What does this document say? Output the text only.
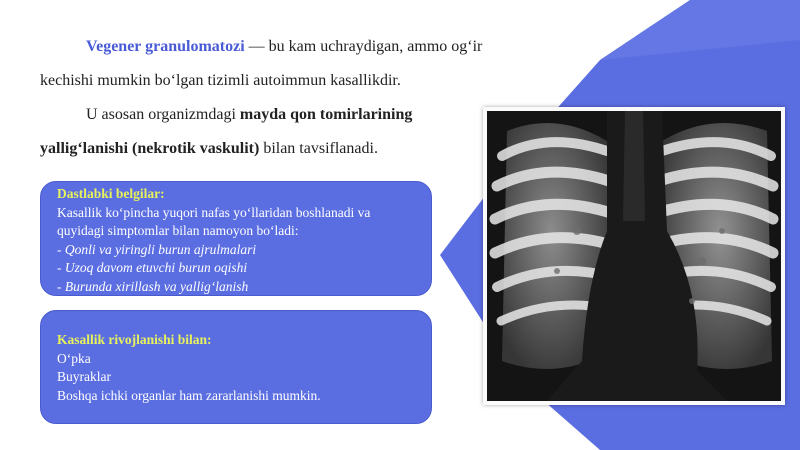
Vegener granulomatozi — bu kam uchraydigan, ammo og‘ir kechishi mumkin bo‘lgan tizimli autoimmun kasallikdir.

U asosan organizmdagi mayda qon tomirlarining yallig‘lanishi (nekrotik vaskulit) bilan tavsiflanadi.

Dastlabki belgilar:
Kasallik ko‘pincha yuqori nafas yo‘llaridan boshlanadi va quyidagi simptomlar bilan namoyon bo‘ladi:
- Qonli va yiringli burun ajrulmalari
- Uzoq davom etuvchi burun oqishi
- Burunda xirillash va yallig‘lanish
Kasallik rivojlanishi bilan:
O‘pka
Buyraklar
Boshqa ichki organlar ham zararlanishi mumkin.
